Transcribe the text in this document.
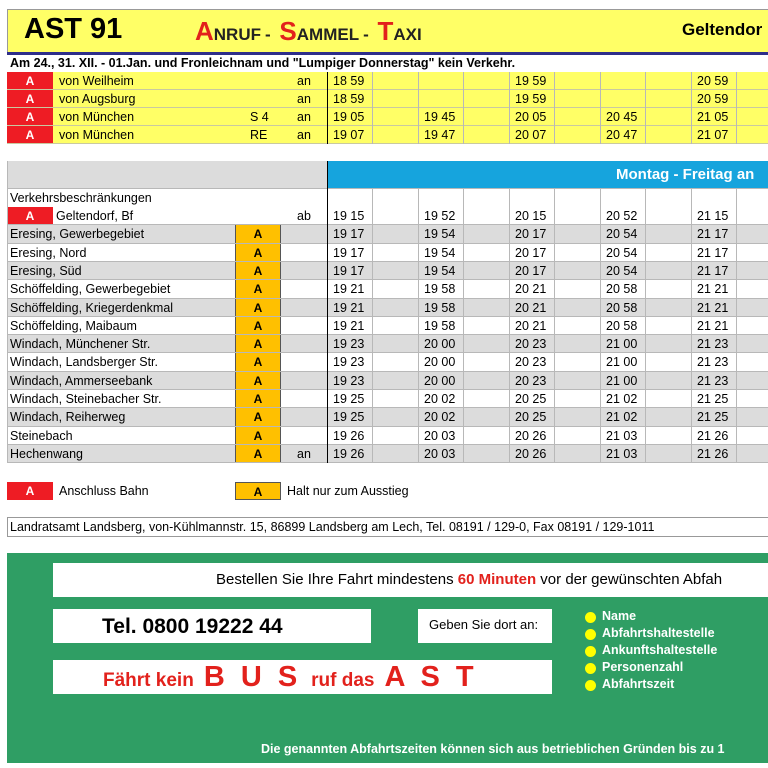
AST 91	ANRUF - SAMMEL - TAXI	Geltendor
Am 24., 31. XII. - 01.Jan. und Fronleichnam und "Lumpiger Donnerstag" kein Verkehr.
Montag - Freitag an
Verkehrsbeschränkungen
A	Anschluss Bahn	A	Halt nur zum Ausstieg
Landratsamt Landsberg, von-Kühlmannstr. 15, 86899 Landsberg am Lech, Tel. 08191 / 129-0, Fax 08191 / 129-1011
Bestellen Sie Ihre Fahrt mindestens 60 Minuten vor der gewünschten Abfah
Tel. 0800 19222 44	Geben Sie dort an:
Fährt kein B U S ruf das A S T
Name
Abfahrtshaltestelle
Ankunftshaltestelle
Personenzahl
Abfahrtszeit
Die genannten Abfahrtszeiten können sich aus betrieblichen Gründen bis zu 1
A	von Weilheim	an 18 59	19 59	20 59
A	von Augsburg	an 18 59	19 59	20 59
A	von München	S 4 an 19 05	19 45	20 05	20 45	21 05
A	von München	RE an 19 07	19 47	20 07	20 47	21 07
A	Geltendorf, Bf	ab 19 15	19 52	20 15	20 52	21 15
Eresing, Gewerbegebiet	A	19 17	19 54	20 17	20 54	21 17
Eresing, Nord	A	19 17	19 54	20 17	20 54	21 17
Eresing, Süd	A	19 17	19 54	20 17	20 54	21 17
Schöffelding, Gewerbegebiet	A	19 21	19 58	20 21	20 58	21 21
Schöffelding, Kriegerdenkmal	A	19 21	19 58	20 21	20 58	21 21
Schöffelding, Maibaum	A	19 21	19 58	20 21	20 58	21 21
Windach, Münchener Str.	A	19 23	20 00	20 23	21 00	21 23
Windach, Landsberger Str.	A	19 23	20 00	20 23	21 00	21 23
Windach, Ammerseebank	A	19 23	20 00	20 23	21 00	21 23
Windach, Steinebacher Str.	A	19 25	20 02	20 25	21 02	21 25
Windach, Reiherweg	A	19 25	20 02	20 25	21 02	21 25
Steinebach	A	19 26	20 03	20 26	21 03	21 26
Hechenwang	A	an 19 26	20 03	20 26	21 03	21 26
